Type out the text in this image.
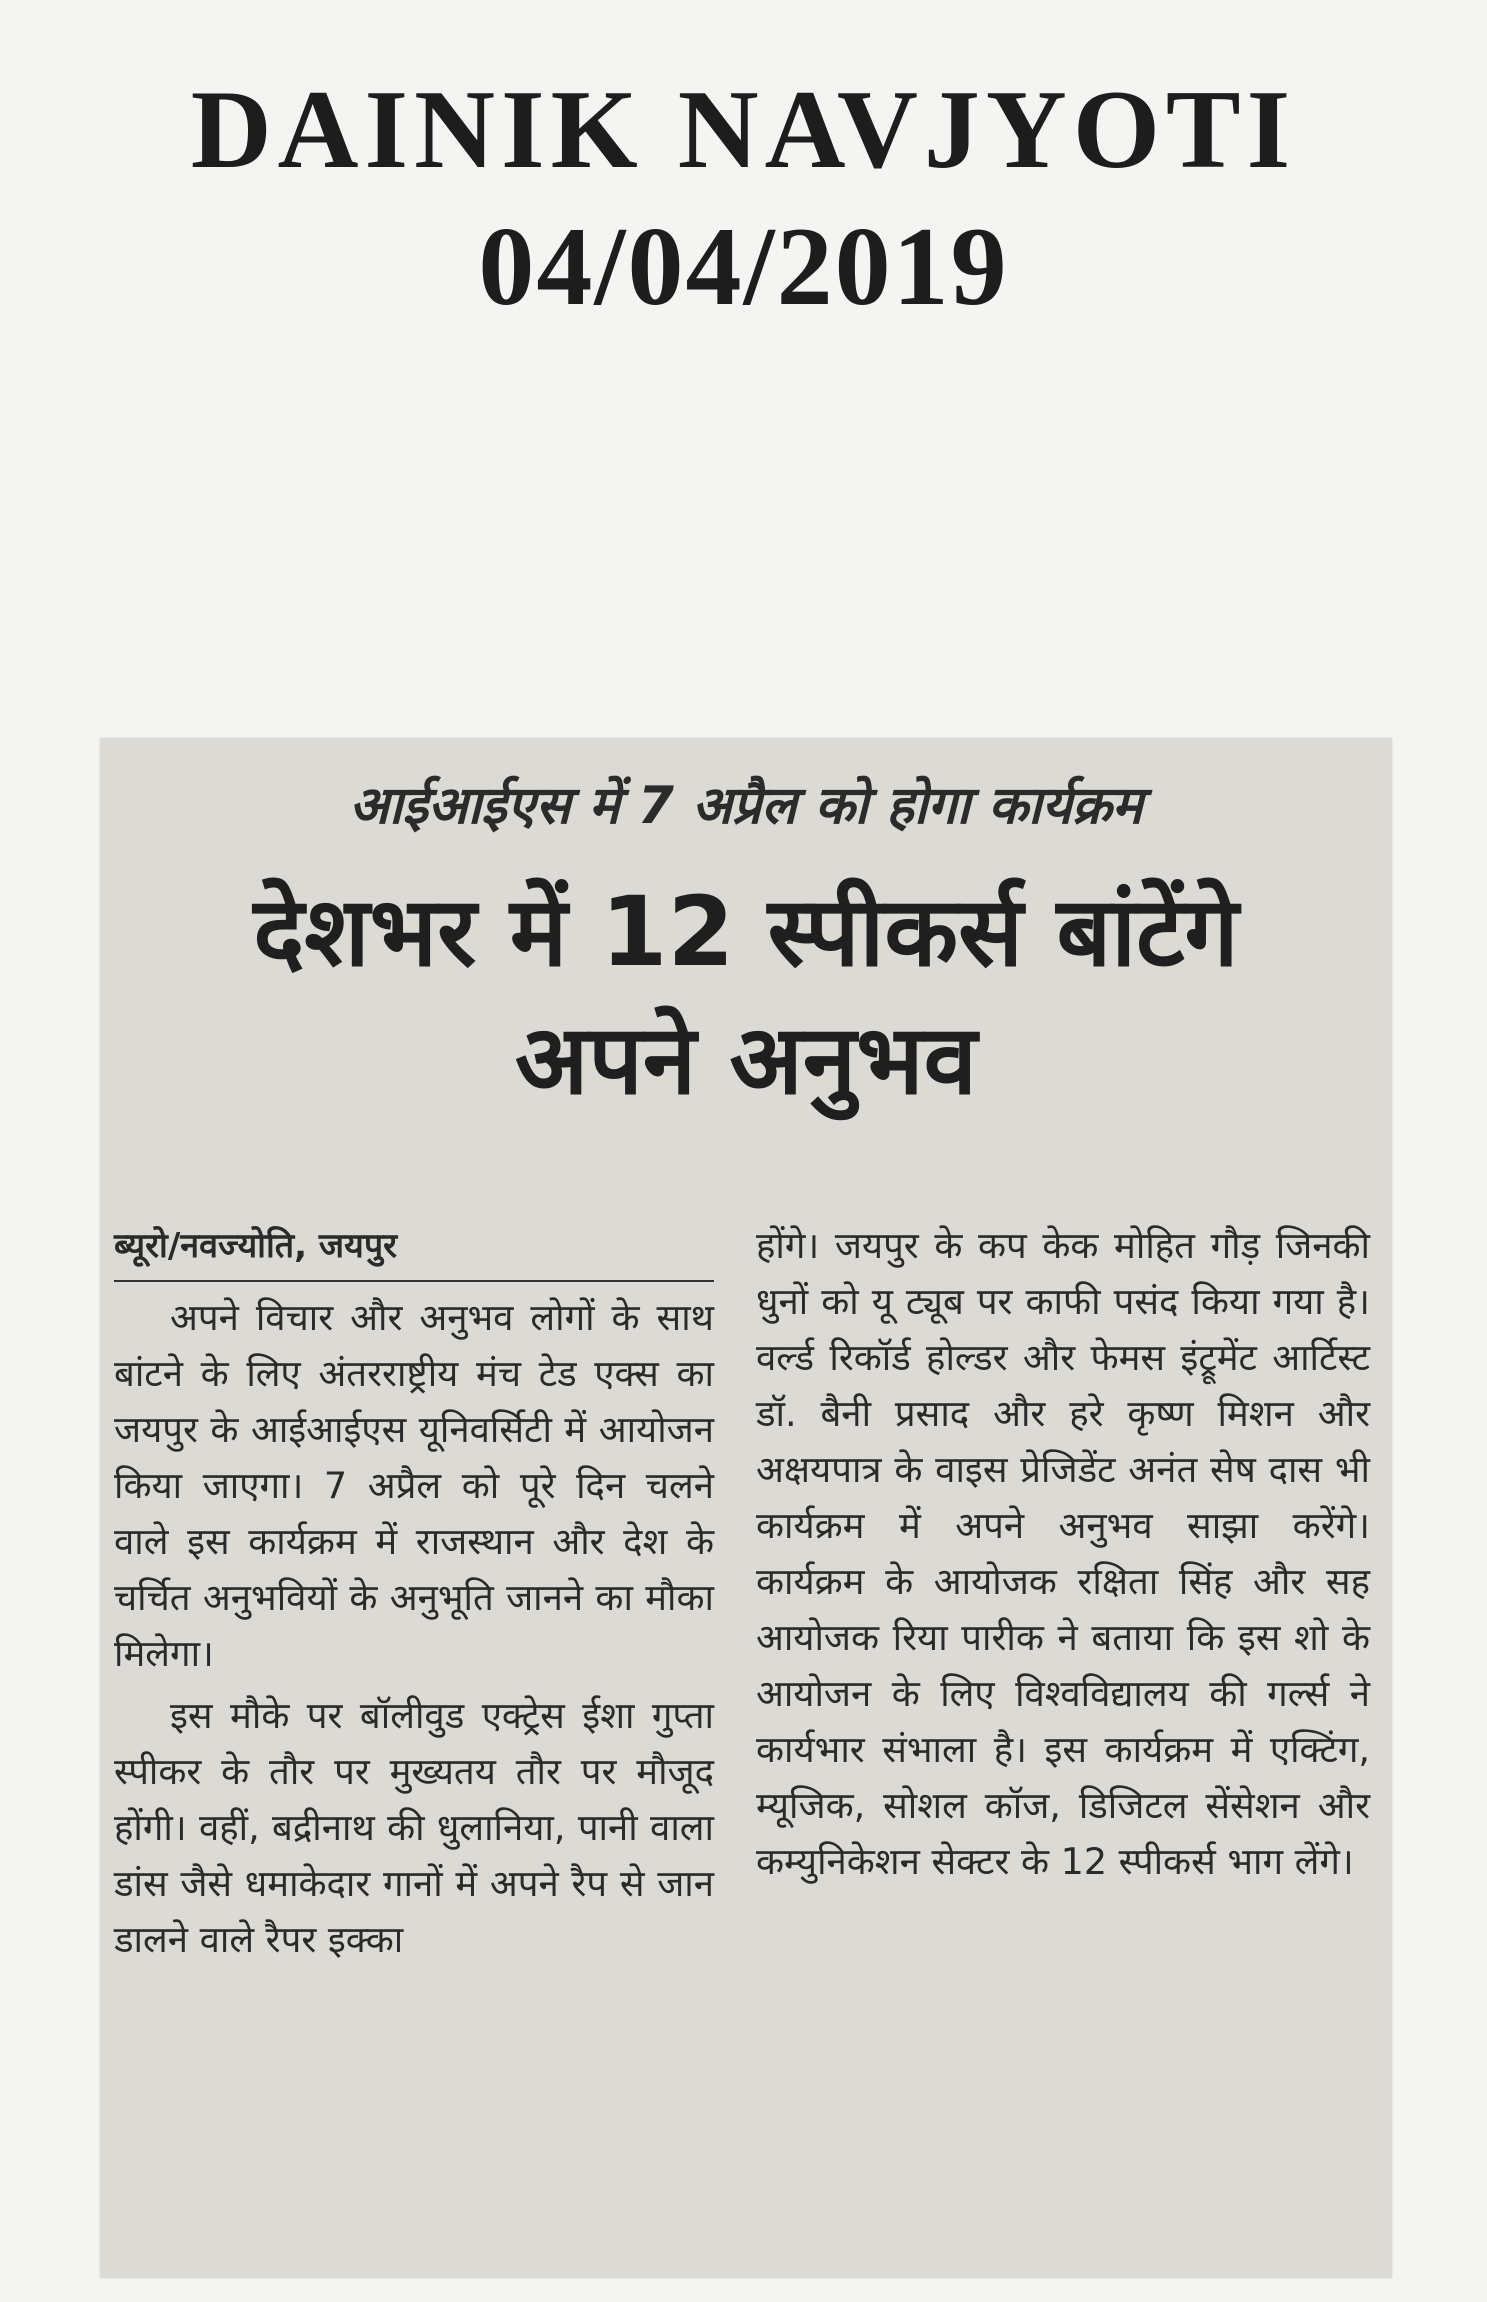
DAINIK NAVJYOTI
04/04/2019
आईआईएस में 7 अप्रैल को होगा कार्यक्रम
देशभर में 12 स्पीकर्स बांटेंगे
अपने अनुभव
ब्यूरो/नवज्योति, जयपुर

अपने विचार और अनुभव लोगों के साथ बांटने के लिए अंतरराष्ट्रीय मंच टेड एक्स का जयपुर के आईआईएस यूनिवर्सिटी में आयोजन किया जाएगा। 7 अप्रैल को पूरे दिन चलने वाले इस कार्यक्रम में राजस्थान और देश के चर्चित अनुभवियों के अनुभूति जानने का मौका मिलेगा।

इस मौके पर बॉलीवुड एक्ट्रेस ईशा गुप्ता स्पीकर के तौर पर मुख्यतय तौर पर मौजूद होंगी। वहीं, बद्रीनाथ की धुलानिया, पानी वाला डांस जैसे धमाकेदार गानों में अपने रैप से जान डालने वाले रैपर इक्का

होंगे। जयपुर के कप केक मोहित गौड़ जिनकी धुनों को यू ट्यूब पर काफी पसंद किया गया है। वर्ल्ड रिकॉर्ड होल्डर और फेमस इंट्रूमेंट आर्टिस्ट डॉ. बैनी प्रसाद और हरे कृष्ण मिशन और अक्षयपात्र के वाइस प्रेजिडेंट अनंत सेष दास भी कार्यक्रम में अपने अनुभव साझा करेंगे। कार्यक्रम के आयोजक रक्षिता सिंह और सह आयोजक रिया पारीक ने बताया कि इस शो के आयोजन के लिए विश्वविद्यालय की गर्ल्स ने कार्यभार संभाला है। इस कार्यक्रम में एक्टिंग, म्यूजिक, सोशल कॉज, डिजिटल सेंसेशन और कम्युनिकेशन सेक्टर के 12 स्पीकर्स भाग लेंगे।
